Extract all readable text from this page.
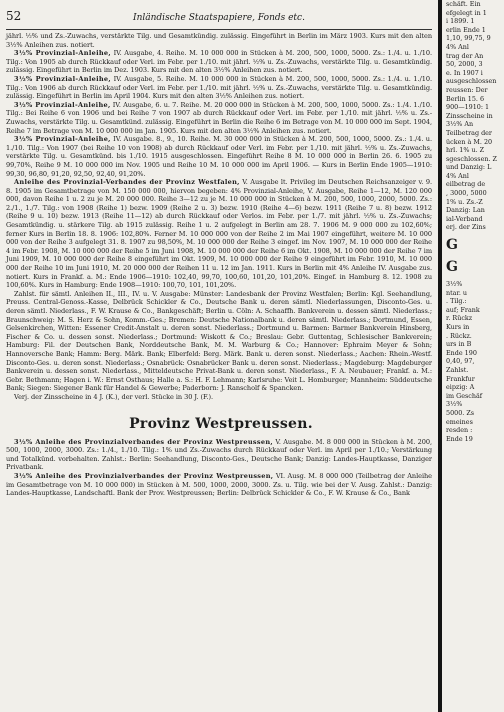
52	Inländische Staatspapiere, Fonds etc.
jährl. ½% und Zs.-Zuwachs, verstärkte Tilg. und Gesamtkündig. zulässig. Eingeführt in Berlin im März 1903. Kurs mit den alten 3½% Anleihen zus. notiert.
3½% Provinzial-Anleihe, IV. Ausgabe, 4. Reihe. M. 10 000 000 in Stücken à M. 200, 500, 1000, 5000. Zs.: 1./4. u. 1./10. Tilg.: Von 1905 ab durch Rückkauf oder Verl. im Febr. per 1./10. mit jährl. ½% u. Zs.-Zuwachs, verstärkte Tilg. u. Gesamtkündig. zulässig. Eingeführt in Berlin im Dez. 1903. Kurs mit den alten 3½% Anleihen zus. notiert.
3½% Provinzial-Anleihe, IV. Ausgabe, 5. Reihe. M. 10 000 000 in Stücken à M. 200, 500, 1000, 5000. Zs.: 1./4. u. 1./10. Tilg.: Von 1906 ab durch Rückkauf oder Verl. im Febr. per 1./10. mit jährl. ½% u. Zs.-Zuwachs, verstärkte Tilg. u. Gesamtkündig. zulässig. Eingeführt in Berlin im April 1904. Kurs mit den alten 3½% Anleihen zus. notiert.
3½% Provinzial-Anleihe, IV. Ausgabe, 6. u. 7. Reihe. M. 20 000 000 in Stücken à M. 200, 500, 1000, 5000. Zs.: 1./4. 1./10. Tilg.: Bei Reihe 6 von 1906 und bei Reihe 7 von 1907 ab durch Rückkauf oder Verl. im Febr. per 1./10. mit jährl. ½% u. Zs.-Zuwachs, verstärkte Tilg. u. Gesamtkünd. zulässig. Eingeführt in Berlin die Reihe 6 im Betrage von M. 10 000 000 im Sept. 1904, Reihe 7 im Betrage von M. 10 000 000 im Jan. 1905. Kurs mit den alten 3½% Anleihen zus. notiert.
3½% Provinzial-Anleihe, IV. Ausgabe. 8., 9., 10. Reihe. M. 30 000 000 in Stücken à M. 200, 500, 1000, 5000. Zs.: 1./4. u. 1./10. Tilg.: Von 1907 (bei Reihe 10 von 1908) ab durch Rückkauf oder Verl. im Febr. per 1./10. mit jährl. ½% u. Zs.-Zuwachs, verstärkte Tilg. u. Gesamtkünd. bis 1./10. 1915 ausgeschlossen. Eingeführt Reihe 8 M. 10 000 000 in Berlin 26. 6. 1905 zu 99,70%, Reihe 9 M. 10 000 000 im Nov. 1905 und Reihe 10 M. 10 000 000 im April 1906. — Kurs in Berlin Ende 1905—1910: 99,30, 96,80, 91,20, 92,50, 92,40, 91,20%.
Anleihe des Provinzial-Verbandes der Provinz Westfalen, V. Ausgabe lt. Privileg im Deutschen Reichsanzeiger v. 9. 8. 1905 im Gesamtbetrage von M. 150 000 000, hiervon begeben: 4% Provinzial-Anleihe, V. Ausgabe, Reihe 1—12, M. 120 000 000, davon Reihe 1 u. 2 zu je M. 20 000 000. Reihe 3—12 zu je M. 10 000 000 in Stücken à M. 200, 500, 1000, 2000, 5000. Zs.: 2./1., 1./7. Tilg.: von 1908 (Reihe 1) bezw. 1909 (Reihe 2 u. 3) bezw. 1910 (Reihe 4—6) bezw. 1911 (Reihe 7 u. 8) bezw. 1912 (Reihe 9 u. 10) bezw. 1913 (Reihe 11—12) ab durch Rückkauf oder Verlos. im Febr. per 1./7. mit jährl. ½% u. Zs.-Zuwachs; Gesamtkündig. u. stärkere Tilg. ab 1915 zulässig. Reihe 1 u. 2 aufgelegt in Berlin am 28. 7. 1906 M. 9 000 000 zu 102,60%; ferner Kurs in Berlin 18. 8. 1906: 102,80%. Ferner M. 10 000 000 von der Reihe 2 im Mai 1907 eingeführt, weitere M. 10 000 000 von der Reihe 3 aufgelegt 31. 8. 1907 zu 98,50%, M. 10 000 000 der Reihe 3 eingef. im Nov. 1907, M. 10 000 000 der Reihe 4 im Febr. 1908, M. 10 000 000 der Reihe 5 im Juni 1908, M. 10 000 000 der Reihe 6 im Okt. 1908, M. 10 000 000 der Reihe 7 im Juni 1909, M. 10 000 000 der Reihe 8 eingeführt im Okt. 1909, M. 10 000 000 der Reihe 9 eingeführt im Febr. 1910, M. 10 000 000 der Reihe 10 im Juni 1910, M. 20 000 000 der Reihen 11 u. 12 im Jan. 1911. Kurs in Berlin mit 4% Anleihe IV. Ausgabe zus. notiert. Kurs in Frankf. a. M.: Ende 1906—1910: 102,40, 99,70, 100,60, 101,20, 101,20%. Eingef. in Hamburg 8. 12. 1908 zu 100,60%. Kurs in Hamburg: Ende 1908—1910: 100,70, 101, 101,20%.
Zahlst. für sämtl. Anleihen II., III., IV. u. V. Ausgabe: Münster: Landesbank der Provinz Westfalen; Berlin: Kgl. Seehandlung, Preuss. Central-Genoss.-Kasse, Delbrück Schickler & Co., Deutsche Bank u. deren sämtl. Niederlassungen, Disconto-Ges. u. deren sämtl. Niederlass., F. W. Krause & Co., Bankgeschäft; Berlin u. Cöln: A. Schaaffh. Bankverein u. dessen sämtl. Niederlass.; Braunschweig: M. S. Herz & Sohn, Komm.-Ges.; Bremen: Deutsche Nationalbank u. deren sämtl. Niederlass.; Dortmund, Essen, Gelsenkirchen, Witten: Essener Credit-Anstalt u. deren sonst. Niederlass.; Dortmund u. Barmen: Barmer Bankverein Hinsberg, Fischer & Co. u. dessen sonst. Niederlass.; Dortmund: Wiskott & Co.; Breslau: Gebr. Guttentag, Schlesischer Bankverein; Hamburg: Fil. der Deutschen Bank, Norddeutsche Bank, M. M. Warburg & Co.; Hannover: Ephraim Meyer & Sohn; Hannoversche Bank; Hamm: Berg. Märk. Bank; Elberfeld: Berg. Märk. Bank u. deren sonst. Niederlass.; Aachen: Rhein.-Westf. Disconto-Ges. u. deren sonst. Niederlass.; Osnabrück: Osnabrücker Bank u. deren sonst. Niederlass.; Magdeburg: Magdeburger Bankverein u. dessen sonst. Niederlass., Mitteldeutsche Privat-Bank u. deren sonst. Niederlass., F. A. Neubauer; Frankf. a. M.: Gebr. Bethmann; Hagen i. W.: Ernst Osthaus; Halle a. S.: H. F. Lehmann; Karlsruhe: Veit L. Homburger; Mannheim: Süddeutsche Bank; Siegen: Siegener Bank für Handel & Gewerbe; Paderborn: J. Ranscholf & Spancken.
Verj. der Zinsscheine in 4 J. (K.), der verl. Stücke in 30 J. (F.).
Provinz Westpreussen.
3½% Anleihe des Provinzialverbandes der Provinz Westpreussen, V. Ausgabe. M. 8 000 000 in Stücken à M. 200, 500, 1000, 2000, 3000. Zs.: 1./4., 1./10. Tilg.: 1% und Zs.-Zuwachs durch Rückkauf oder Verl. im April per 1./10.; Verstärkung und Totalkünd. vorbehalten. Zahlst.: Berlin: Seehandlung, Disconto-Ges., Deutsche Bank; Danzig: Landes-Hauptkasse, Danziger Privatbank.
3½% Anleihe des Provinzialverbandes der Provinz Westpreussen, VI. Ausg. M. 8 000 000 (Teilbetrag der Anleihe im Gesamtbetrage von M. 10 000 000) in Stücken à M. 500, 1000, 2000, 3000. Zs. u. Tilg. wie bei der V. Ausg. Zahlst.: Danzig: Landes-Hauptkasse, Landschaftl. Bank der Prov. Westpreussen; Berlin: Delbrück Schickler & Co., F. W. Krause & Co., Bank
schäft. Ein
efgelegt in 1
i 1899. 1
erlin Ende 1
1,10, 99,75, 9
4% Anl
trag der An
50, 2000, 3
e. In 1907 i
ausgeschlossen
reussen: Der
Berlin 15. 6
900—1910: 1
Zinsscheine in
3½% An
Teilbetrag der
ücken à M. 20
hrl. 1% u. Z
sgeschlossen. Z
und Danzig: L
4% Anl
eilbetrag de
, 3000, 5000
1% u. Zs.-Z
Danzig: Lan
ial-Verband
erj. der Zins
G
G
3½%
ntar. u
. Tilg.:
auf; Frank
r. Rückz
Kurs in
. Rückz.
urs in B
Ende 190
0,40, 97,
Zahlst.
Frankfur
eipzig: A
im Geschäf
3½%
5000. Zs
emeines
resden :
Ende 19
